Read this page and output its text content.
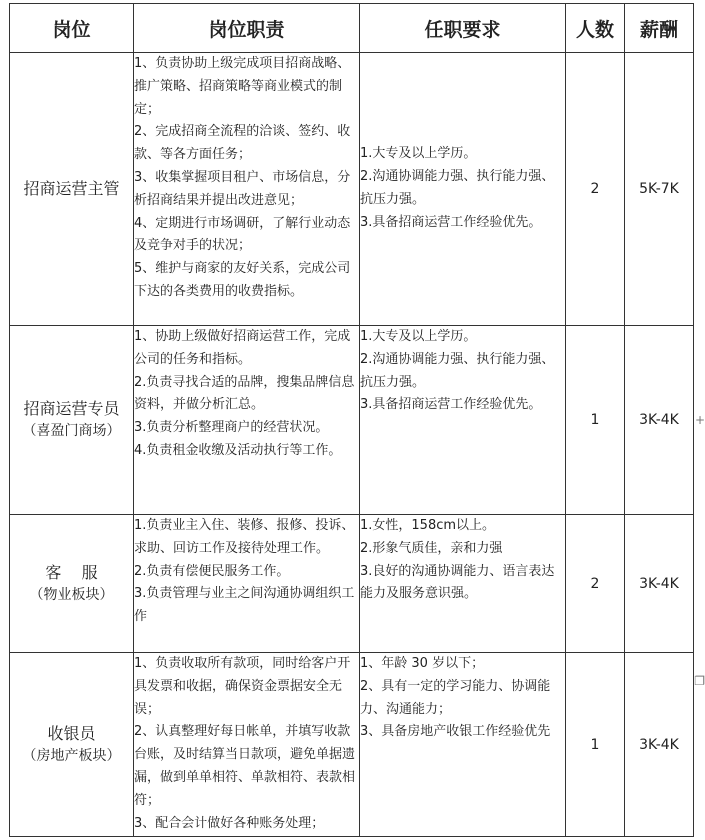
岗位	岗位职责	任职要求	人数	薪酬

招商运营主管	1、负责协助上级完成项目招商战略、推广策略、招商策略等商业模式的制定；
2、完成招商全流程的洽谈、签约、收款、等各方面任务；
3、收集掌握项目租户、市场信息，分析招商结果并提出改进意见；
4、定期进行市场调研，了解行业动态及竞争对手的状况；
5、维护与商家的友好关系，完成公司下达的各类费用的收费指标。	1.大专及以上学历。
2.沟通协调能力强、执行能力强、抗压力强。
3.具备招商运营工作经验优先。	2	5K-7K

招商运营专员
（喜盈门商场）	1、协助上级做好招商运营工作，完成公司的任务和指标。
2.负责寻找合适的品牌，搜集品牌信息资料，并做分析汇总。
3.负责分析整理商户的经营状况。
4.负责租金收缴及活动执行等工作。	1.大专及以上学历。
2.沟通协调能力强、执行能力强、抗压力强。
3.具备招商运营工作经验优先。	1	3K-4K

客    服
（物业板块）	1.负责业主入住、装修、报修、投诉、求助、回访工作及接待处理工作。
2.负责有偿便民服务工作。
3.负责管理与业主之间沟通协调组织工作	1.女性，158cm以上。
2.形象气质佳，亲和力强
3.良好的沟通协调能力、语言表达能力及服务意识强。	2	3K-4K

收银员
（房地产板块）	1、负责收取所有款项，同时给客户开具发票和收据，确保资金票据安全无误；
2、认真整理好每日帐单，并填写收款台账，及时结算当日款项，避免单据遗漏，做到单单相符、单款相符、表款相符；
3、配合会计做好各种账务处理；	1、年龄 30 岁以下；
2、具有一定的学习能力、协调能力、沟通能力；
3、具备房地产收银工作经验优先	1	3K-4K
+
❐
